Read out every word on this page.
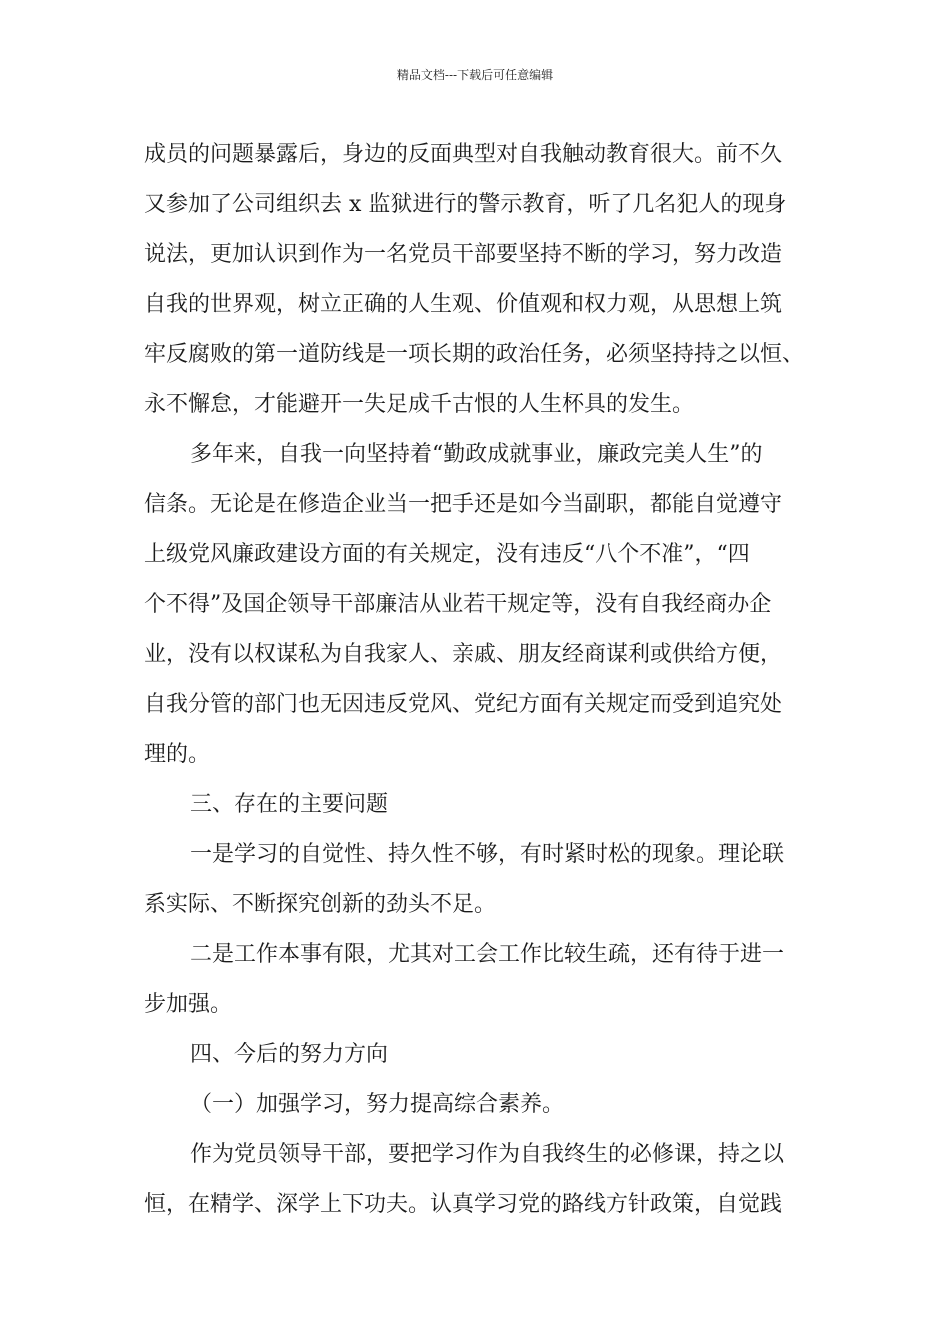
精品文档---下载后可任意编辑
成员的问题暴露后，身边的反面典型对自我触动教育很大。前不久
又参加了公司组织去 x 监狱进行的警示教育，听了几名犯人的现身
说法，更加认识到作为一名党员干部要坚持不断的学习，努力改造
自我的世界观，树立正确的人生观、价值观和权力观，从思想上筑
牢反腐败的第一道防线是一项长期的政治任务，必须坚持持之以恒、
永不懈怠，才能避开一失足成千古恨的人生杯具的发生。
多年来，自我一向坚持着“勤政成就事业，廉政完美人生”的
信条。无论是在修造企业当一把手还是如今当副职，都能自觉遵守
上级党风廉政建设方面的有关规定，没有违反“八个不准”，“四
个不得”及国企领导干部廉洁从业若干规定等，没有自我经商办企
业，没有以权谋私为自我家人、亲戚、朋友经商谋利或供给方便，
自我分管的部门也无因违反党风、党纪方面有关规定而受到追究处
理的。
三、存在的主要问题
一是学习的自觉性、持久性不够，有时紧时松的现象。理论联
系实际、不断探究创新的劲头不足。
二是工作本事有限，尤其对工会工作比较生疏，还有待于进一
步加强。
四、今后的努力方向
（一）加强学习，努力提高综合素养。
作为党员领导干部，要把学习作为自我终生的必修课，持之以
恒，在精学、深学上下功夫。认真学习党的路线方针政策，自觉践
